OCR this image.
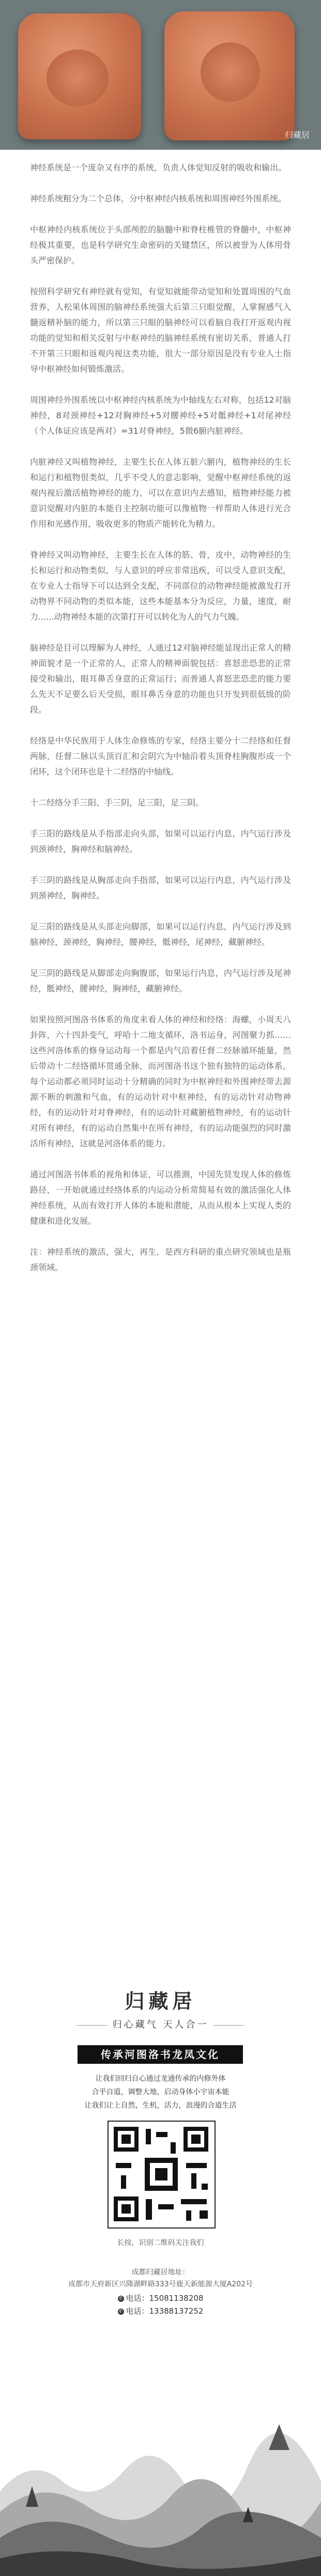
归藏居

神经系统是一个庞杂又有序的系统，负责人体觉知反射的吸收和输出。

神经系统粗分为二个总体，分中枢神经内核系统和周围神经外围系统。

中枢神经内核系统位于头部颅腔的脑髓中和脊柱椎管的脊髓中，中枢神经极其重要，也是科学研究生命密码的关键禁区，所以被誉为人体用骨头严密保护。

按照科学研究有神经就有觉知，有觉知就能带动觉知和处置周围的气血营养，人松果体周围的脑神经系统强大后第三只眼觉醒，人掌握感气入髓返精补脑的能力，所以第三只眼的脑神经可以看脑自我打开返观内视功能的觉知和相关反射与中枢神经的脑神经系统有密切关系，普通人打不开第三只眼和返观内视这类功能，很大一部分原因是没有专业人士指导中枢神经如何锻炼激活。

周围神经外围系统以中枢神经内核系统为中轴线左右对称，包括12对脑神经，8对颈神经+12对胸神经+5对腰神经+5对骶神经+1对尾神经（个人体证应该是两对）=31对脊神经，5微6腑内脏神经。

内脏神经又叫植物神经，主要生长在人体五脏六腑内，植物神经的生长和运行和植物很类似，几乎不受人的意志影响，觉醒中枢神经系统的返观内视后激活植物神经的能力，可以在意识内去感知，植物神经能力被意识觉醒对内脏的本能自主控制功能可以像植物一样帮助人体进行光合作用和光感作用，吸收更多的物质产能转化为精力。

脊神经又叫动物神经，主要生长在人体的筋、骨，皮中，动物神经的生长和运行和动物类似，与人意识的呼应非常迅疾，可以受人意识支配，在专业人士指导下可以达到全支配，不同部位的动物神经能被激发打开动物界不同动物的类似本能，这些本能基本分为反应，力量，速度，耐力......动物神经本能的次第打开可以转化为人的气力气魄。

脑神经是目可以理解为人神经，人通过12对脑神经能显现出正常人的精神面貌才是一个正常的人，正常人的精神面貌包括：喜怒悲恐悲的正常接受和输出，眼耳鼻舌身意的正常运行；而普通人喜怒悲恐悲的能力要么先天不足要么后天受损，眼耳鼻舌身意的功能也只开发到很低级的阶段。

经络是中华民族用于人体生命修炼的专家，经络主要分十二经络和任督两脉，任督二脉以头顶百汇和会阴穴为中轴沿着头顶脊柱胸腹形成一个闭环，这个闭环也是十二经络的中轴线。

十二经络分手三阳、手三阴，足三阳，足三阴。

手三阳的路线是从手指部走向头部，如果可以运行内息，内气运行涉及到颈神经，胸神经和脑神经。

手三阴的路线是从胸部走向手指部，如果可以运行内息，内气运行涉及到颈神经，胸神经。

足三阳的路线是从头部走向脚部，如果可以运行内息，内气运行涉及到脑神经，颈神经，胸神经，腰神经，骶神经，尾神经，藏腑神经。

足三阴的路线是从脚部走向胸腹部，如果运行内息，内气运行涉及尾神经，骶神经，腰神经，胸神经，藏腑神经。

如果按照河图洛书体系的角度来看人体的神经和经络：海螺，小周天八卦阵，六十四卦变气，呼哈十二地支循环，洛书运身，河图聚力抓……这些河洛体系的修身运动每一个都是内气沿着任督二经脉循环能量，然后带动十二经络循环贯通全脉，而河图洛书这个独有独特的运动体系，每个运动都必须同时运动十分精确的同时为中枢神经和外围神经带去源源不断的刺激和气血，有的运动针对中枢神经，有的运动针对动物神经，有的运动针对对脊神经，有的运动针对藏腑植物神经，有的运动针对所有神经，有的运动自然集中在所有神经，有的运动能强烈的同时激活所有神经，这就是河洛体系的能力。

通过河图洛书体系的视角和体证，可以推测，中国先贤发现人体的修炼路径，一开始就通过经络体系的内运动分析常简易有效的激活强化人体神经系统，从而有效打开人体的本能和潜能，从而从根本上实现人类的健康和进化发展。

注：神经系统的激活，强大，再生，是西方科研的重点研究领域也是瓶颈领域。

归藏居
归心藏气 天人合一
传承河图洛书龙凤文化
让我们回归自心通过龙通传承的内修外体
合乎自道，调整大地，启动身体小宇宙本能
让我们让上自然，生机，活力，浪漫的合道生活
长按，识别二维码关注我们
成都归藏居地址：
成都市天府新区兴隆湖畔路333号鹿天新能源大厦A202号
✆ 电话：15081138208
✆ 电话：13388137252
